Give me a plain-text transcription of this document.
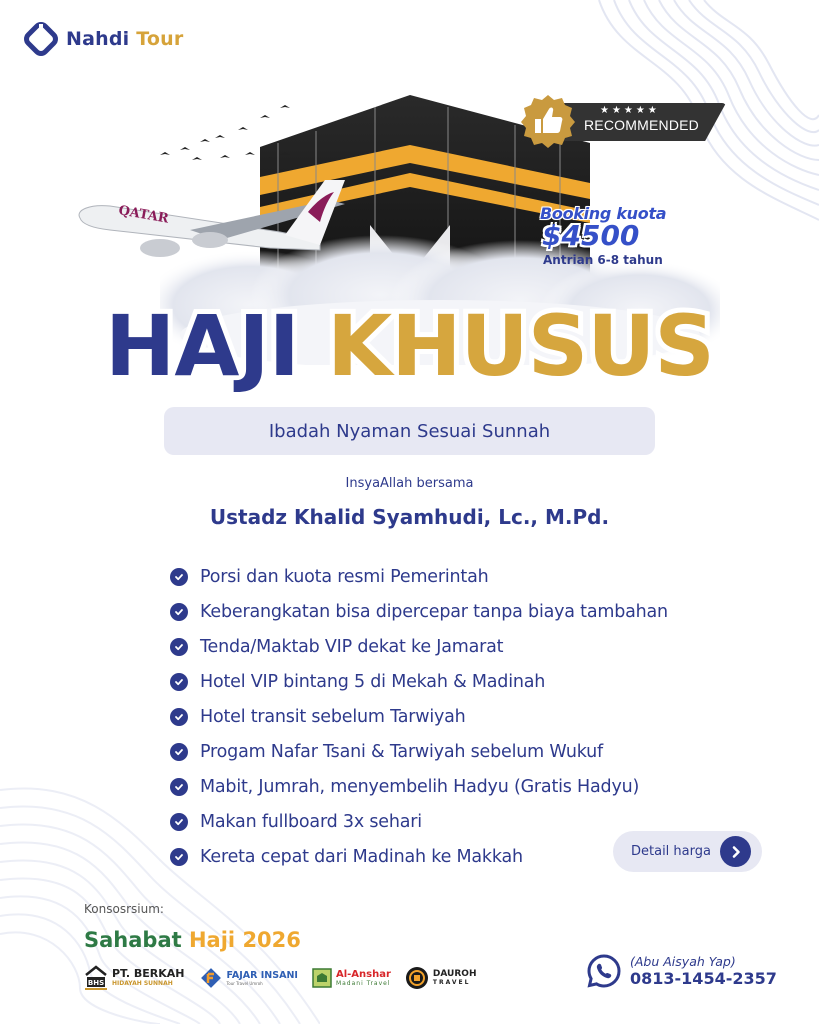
Nahdi Tour
QATAR
★★★★★
RECOMMENDED
Booking kuota
$4500
Antrian 6-8 tahun
HAJI KHUSUS
Ibadah Nyaman Sesuai Sunnah
InsyaAllah bersama
Ustadz Khalid Syamhudi, Lc., M.Pd.
Porsi dan kuota resmi Pemerintah
Keberangkatan bisa dipercepar tanpa biaya tambahan
Tenda/Maktab VIP dekat ke Jamarat
Hotel VIP bintang 5 di Mekah & Madinah
Hotel transit sebelum Tarwiyah
Progam Nafar Tsani & Tarwiyah sebelum Wukuf
Mabit, Jumrah, menyembelih Hadyu (Gratis Hadyu)
Makan fullboard 3x sehari
Kereta cepat dari Madinah ke Makkah	Detail harga
Konsosrsium:
Sahabat Haji 2026
BHS
PT. BERKAH
HIDAYAH SUNNAH
FAJAR INSANI
Tour Travel Umroh
Al-Anshar
Madani Travel
DAUROH
TRAVEL
(Abu Aisyah Yap)
0813-1454-2357
